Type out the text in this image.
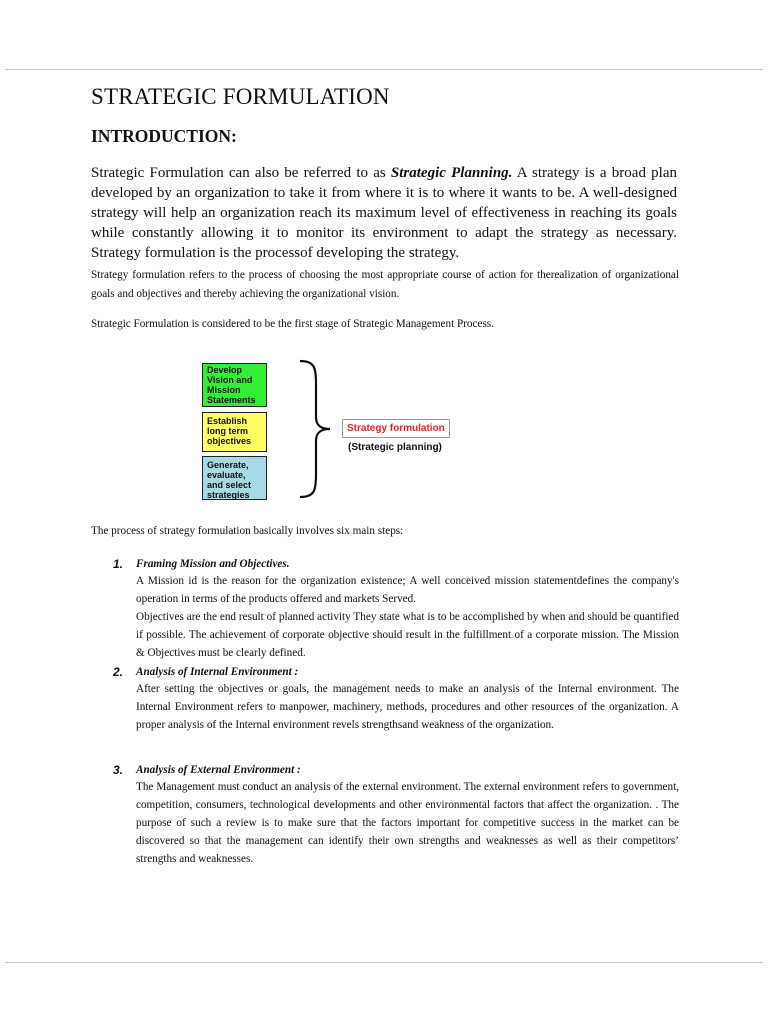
STRATEGIC FORMULATION
INTRODUCTION:
Strategic Formulation can also be referred to as Strategic Planning. A strategy is a broad plan developed by an organization to take it from where it is to where it wants to be. A well-designed strategy will help an organization reach its maximum level of effectiveness in reaching its goals while constantly allowing it to monitor its environment to adapt the strategy as necessary. Strategy formulation is the processof developing the strategy.
Strategy formulation refers to the process of choosing the most appropriate course of action for therealization of organizational goals and objectives and thereby achieving the organizational vision.
Strategic Formulation is considered to be the first stage of Strategic Management Process.
Develop Vision and Mission Statements
Establish long term objectives
Generate, evaluate, and select strategies
Strategy formulation
(Strategic planning)
The process of strategy formulation basically involves six main steps:
1. Framing Mission and Objectives.

A Mission id is the reason for the organization existence; A well conceived mission statementdefines the company's operation in terms of the products offered and markets Served.

Objectives are the end result of planned activity They state what is to be accomplished by when and should be quantified if possible. The achievement of corporate objective should result in the fulfillment of a corporate mission. The Mission & Objectives must be clearly defined.

2. Analysis of Internal Environment :

After setting the objectives or goals, the management needs to make an analysis of the Internal environment. The Internal Environment refers to manpower, machinery, methods, procedures and other resources of the organization. A proper analysis of the Internal environment revels strengthsand weakness of the organization.

3. Analysis of External Environment :

The Management must conduct an analysis of the external environment. The external environment refers to government, competition, consumers, technological developments and other environmental factors that affect the organization. . The purpose of such a review is to make sure that the factors important for competitive success in the market can be discovered so that the management can identify their own strengths and weaknesses as well as their competitors’ strengths and weaknesses.
